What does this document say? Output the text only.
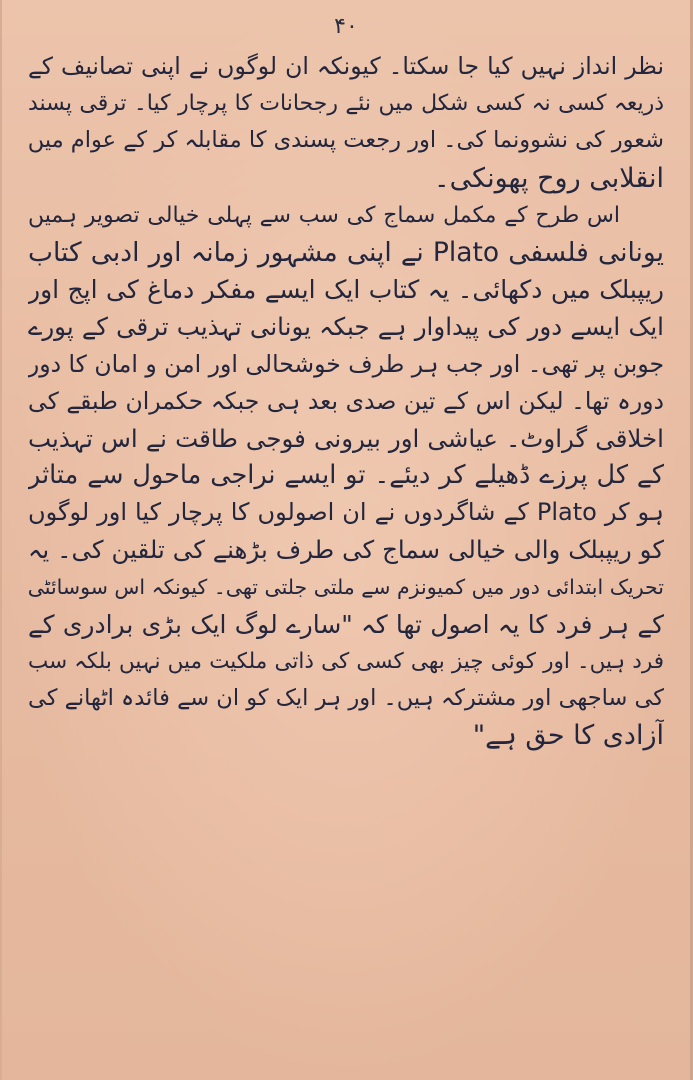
۴۰
نظر انداز نہیں کیا جا سکتا۔ کیونکہ ان لوگوں نے اپنی تصانیف کے
ذریعہ کسی نہ کسی شکل میں نئے رجحانات کا پرچار کیا۔ ترقی پسند
شعور کی نشوونما کی۔ اور رجعت پسندی کا مقابلہ کر کے عوام میں
انقلابی روح پھونکی۔
اس طرح کے مکمل سماج کی سب سے پہلی خیالی تصویر ہمیں
یونانی فلسفی Plato نے اپنی مشہور زمانہ اور ادبی کتاب
ریپبلک میں دکھائی۔ یہ کتاب ایک ایسے مفکر دماغ کی اپج اور
ایک ایسے دور کی پیداوار ہے جبکہ یونانی تہذیب ترقی کے پورے
جوبن پر تھی۔ اور جب ہر طرف خوشحالی اور امن و امان کا دور
دورہ تھا۔ لیکن اس کے تین صدی بعد ہی جبکہ حکمران طبقے کی
اخلاقی گراوٹ۔ عیاشی اور بیرونی فوجی طاقت نے اس تہذیب
کے کل پرزے ڈھیلے کر دیئے۔ تو ایسے نراجی ماحول سے متاثر
ہو کر Plato کے شاگردوں نے ان اصولوں کا پرچار کیا اور لوگوں
کو ریپبلک والی خیالی سماج کی طرف بڑھنے کی تلقین کی۔ یہ
تحریک ابتدائی دور میں کمیونزم سے ملتی جلتی تھی۔ کیونکہ اس سوسائٹی
کے ہر فرد کا یہ اصول تھا کہ "سارے لوگ ایک بڑی برادری کے
فرد ہیں۔ اور کوئی چیز بھی کسی کی ذاتی ملکیت میں نہیں بلکہ سب
کی ساجھی اور مشترکہ ہیں۔ اور ہر ایک کو ان سے فائدہ اٹھانے کی
آزادی کا حق ہے"
